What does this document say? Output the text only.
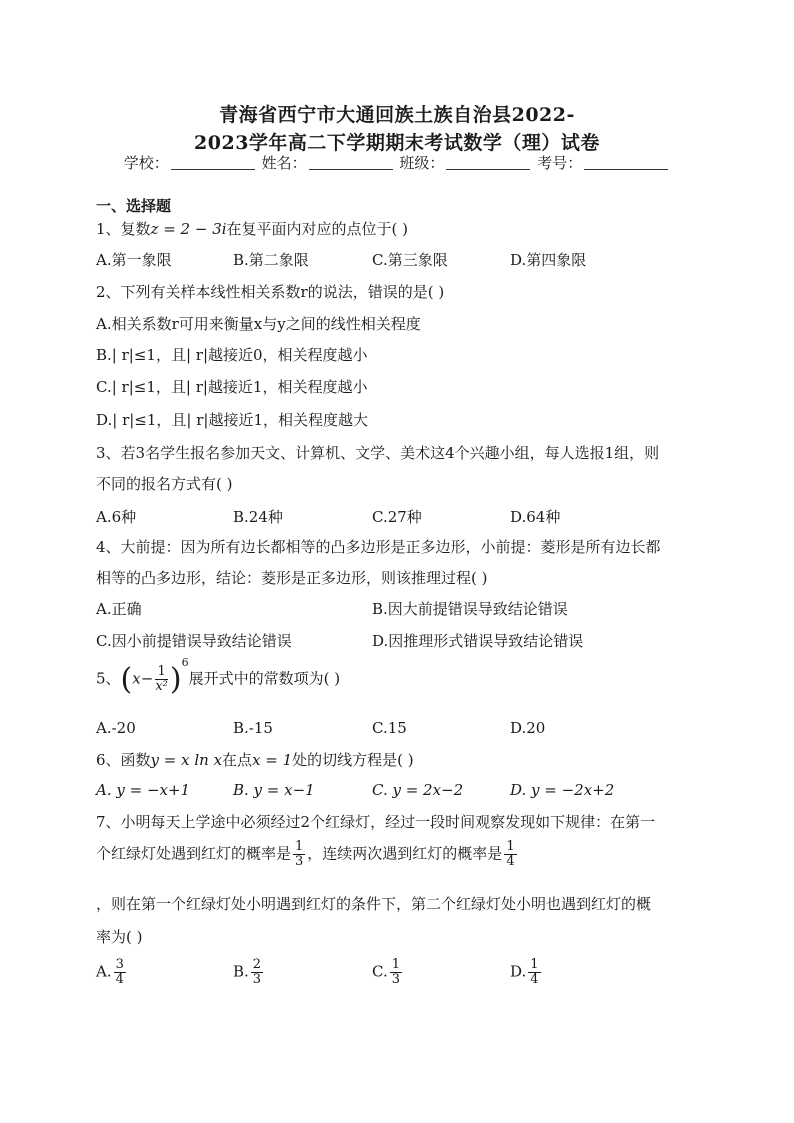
青海省西宁市大通回族土族自治县2022-
2023学年高二下学期期末考试数学（理）试卷
学校：	姓名：	班级：	考号：
一、选择题
1、复数z = 2 − 3i在复平面内对应的点位于( )
A.第一象限	B.第二象限	C.第三象限	D.第四象限
2、下列有关样本线性相关系数r的说法，错误的是( )
A.相关系数r可用来衡量x与y之间的线性相关程度
B.| r|≤1，且| r|越接近0，相关程度越小
C.| r|≤1，且| r|越接近1，相关程度越小
D.| r|≤1，且| r|越接近1，相关程度越大
3、若3名学生报名参加天文、计算机、文学、美术这4个兴趣小组，每人选报1组，则
不同的报名方式有( )
A.6种	B.24种	C.27种	D.64种
4、大前提：因为所有边长都相等的凸多边形是正多边形，小前提：菱形是所有边长都
相等的凸多边形，结论：菱形是正多边形，则该推理过程( )
A.正确	B.因大前提错误导致结论错误
C.因小前提错误导致结论错误	D.因推理形式错误导致结论错误
5、$(x- \frac{1}{\text{x²}} )^6$展开式中的常数项为( )
A.-20	B.-15	C.15	D.20
6、函数y = x ln x在点x = 1处的切线方程是( )
A. y = −x+1	B. y = x−1	C. y = 2x−2	D. y = −2x+2
7、小明每天上学途中必须经过2个红绿灯，经过一段时间观察发现如下规律：在第一
个红绿灯处遇到红灯的概率是 $\frac{1}{3}$ ，连续两次遇到红灯的概率是 $\frac{1}{4}$
，则在第一个红绿灯处小明遇到红灯的条件下，第二个红绿灯处小明也遇到红灯的概
率为( )
A. $\frac{3}{4}$	B. $\frac{2}{3}$	C. $\frac{1}{3}$	D. $\frac{1}{4}$
